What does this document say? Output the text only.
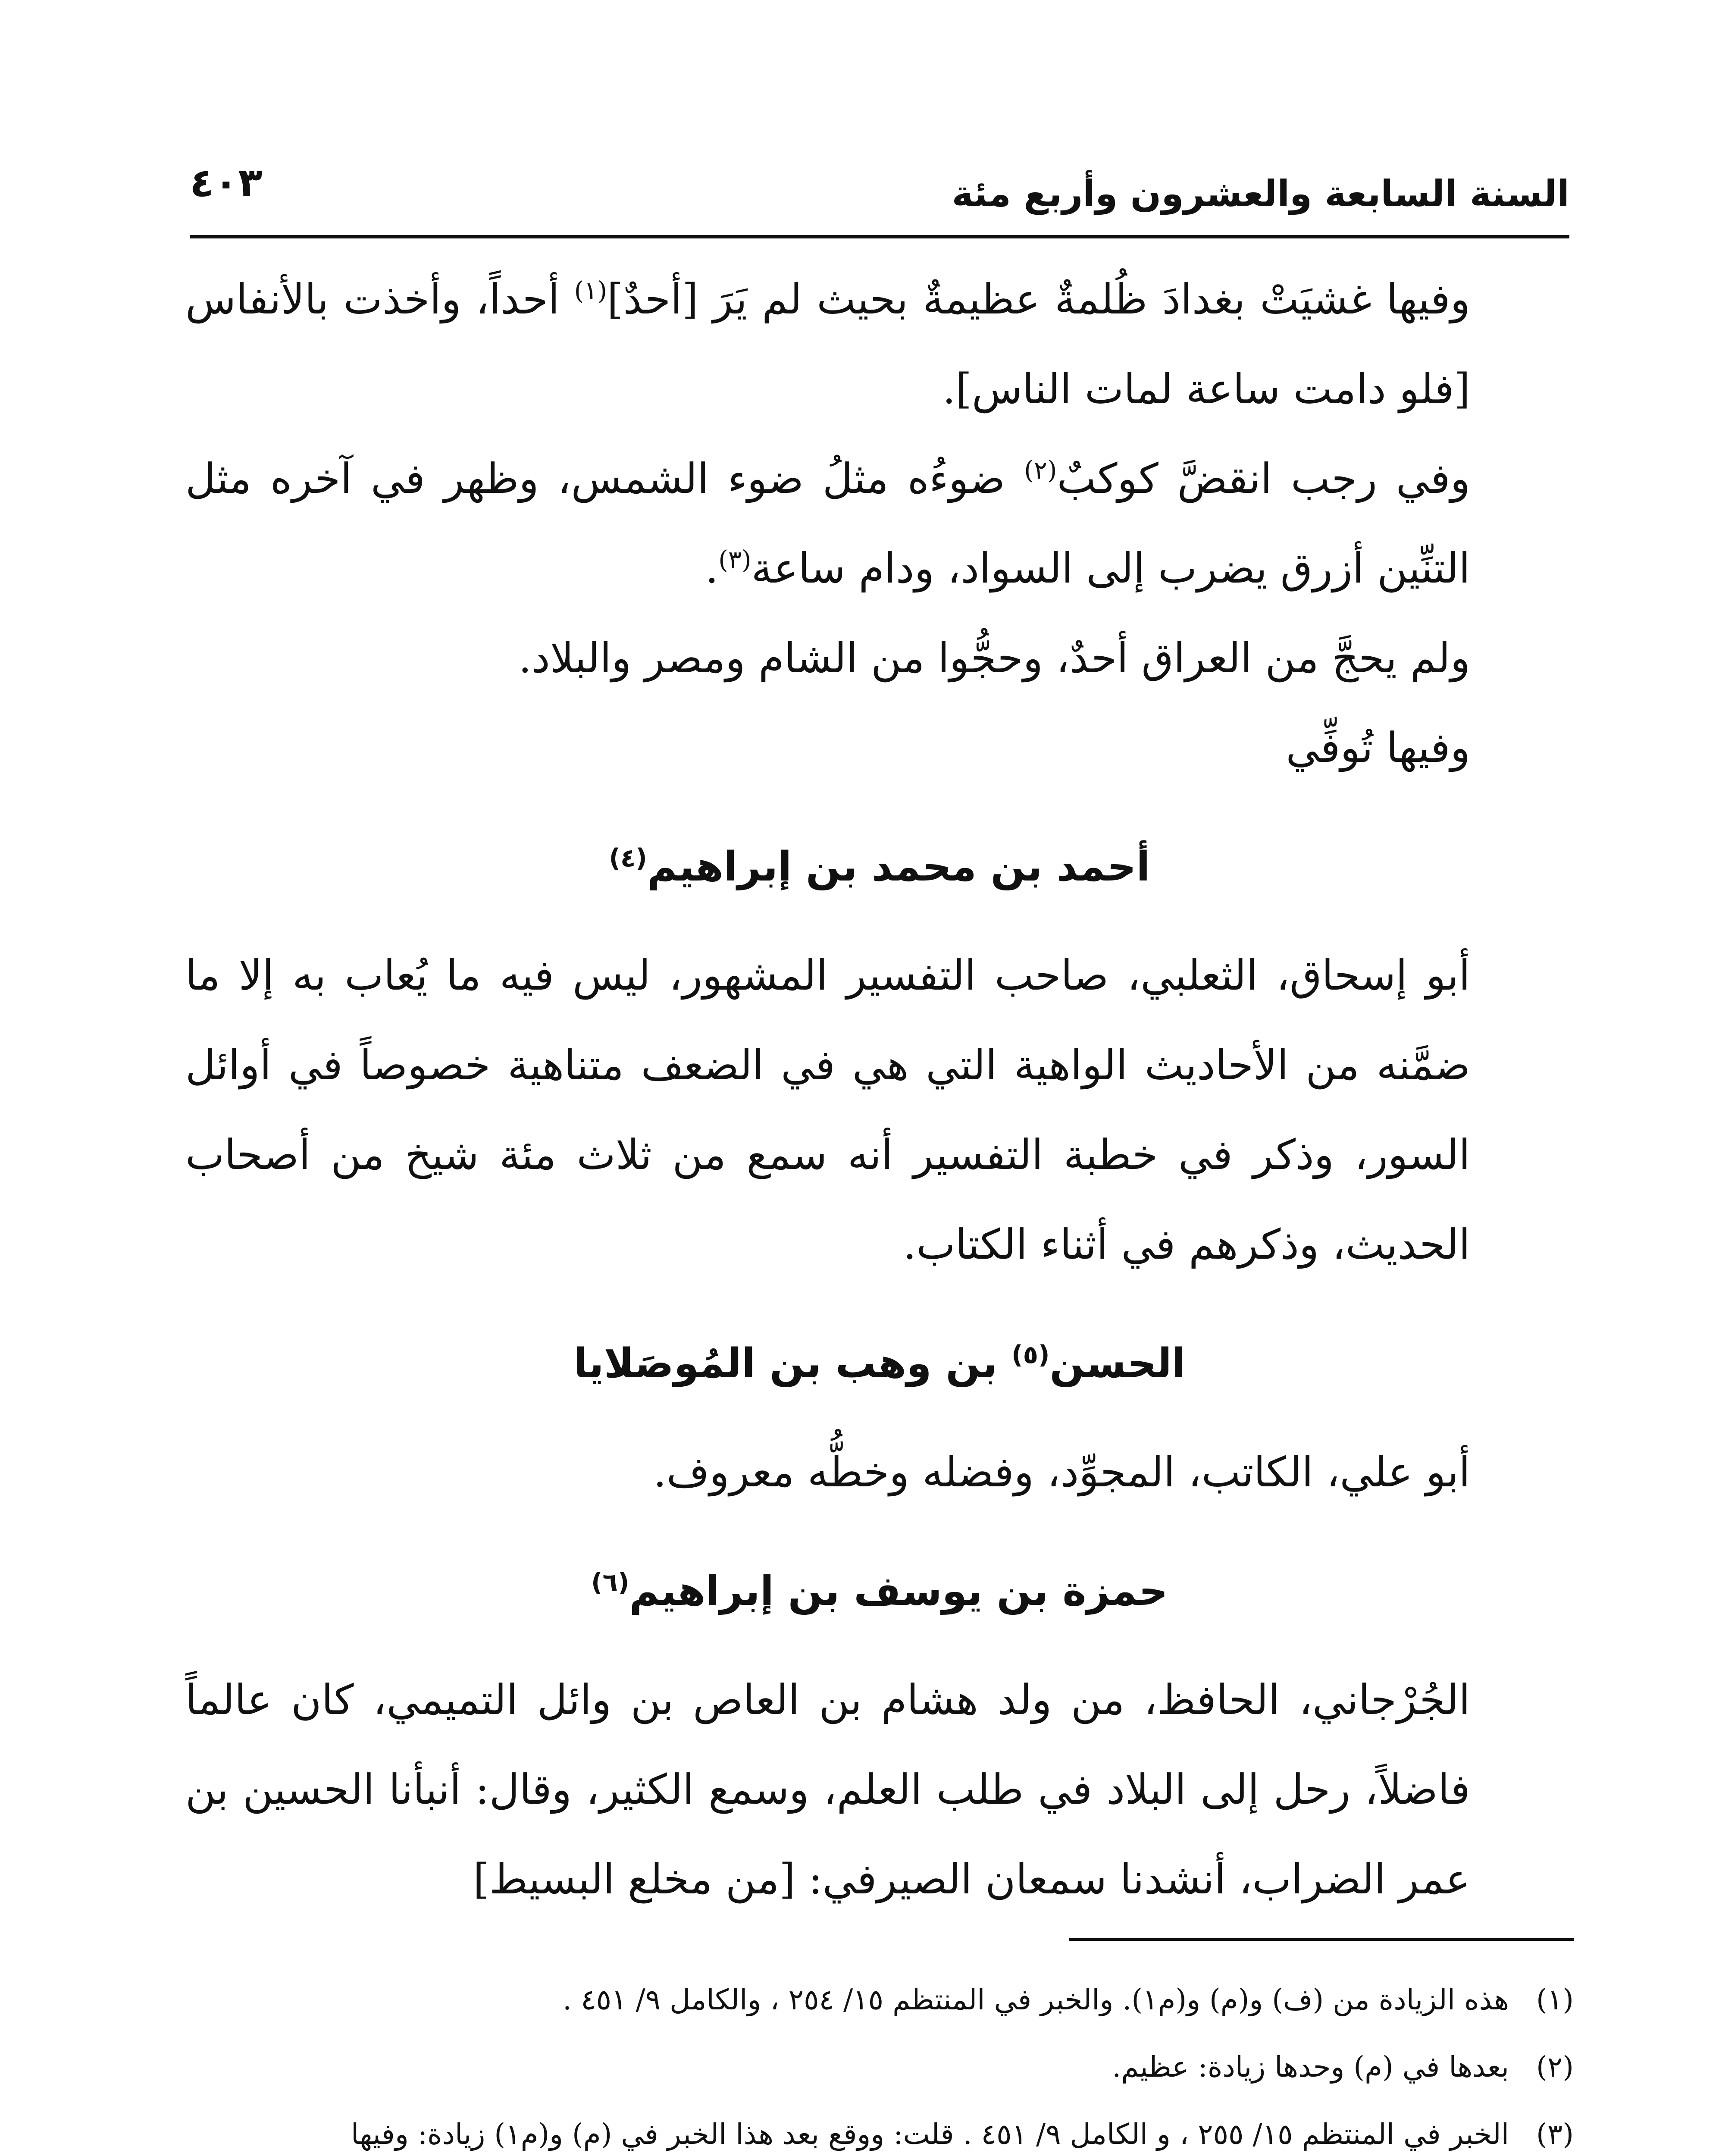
السنة السابعة والعشرون وأربع مئة
٤٠٣

وفيها غشيَتْ بغدادَ ظُلمةٌ عظيمةٌ بحيث لم يَرَ [أحدٌ]$^{(١)}$ أحداً، وأخذت بالأنفاس [فلو دامت ساعة لمات الناس].

وفي رجب انقضَّ كوكبٌ$^{(٢)}$ ضوءُه مثلُ ضوء الشمس، وظهر في آخره مثل التنِّين أزرق يضرب إلى السواد، ودام ساعة$^{(٣)}$.

ولم يحجَّ من العراق أحدٌ، وحجُّوا من الشام ومصر والبلاد.

وفيها تُوفِّي

أحمد بن محمد بن إبراهيم$^{(٤)}$

أبو إسحاق، الثعلبي، صاحب التفسير المشهور، ليس فيه ما يُعاب به إلا ما ضمَّنه من الأحاديث الواهية التي هي في الضعف متناهية خصوصاً في أوائل السور، وذكر في خطبة التفسير أنه سمع من ثلاث مئة شيخ من أصحاب الحديث، وذكرهم في أثناء الكتاب.

الحسن$^{(٥)}$ بن وهب بن المُوصَلايا

أبو علي، الكاتب، المجوِّد، وفضله وخطُّه معروف.

حمزة بن يوسف بن إبراهيم$^{(٦)}$

الجُرْجاني، الحافظ، من ولد هشام بن العاص بن وائل التميمي، كان عالماً فاضلاً، رحل إلى البلاد في طلب العلم، وسمع الكثير، وقال: أنبأنا الحسين بن عمر الضراب، أنشدنا سمعان الصيرفي: [من مخلع البسيط]

(١)
هذه الزيادة من (ف) و(م) و(م١). والخبر في المنتظم ١٥/ ٢٥٤ ، والكامل ٩/ ٤٥١ .

(٢)
بعدها في (م) وحدها زيادة: عظيم.

(٣)
الخبر في المنتظم ١٥/ ٢٥٥ ، و الكامل ٩/ ٤٥١ . قلت: ووقع بعد هذا الخبر في (م) و(م١) زيادة: وفيها
